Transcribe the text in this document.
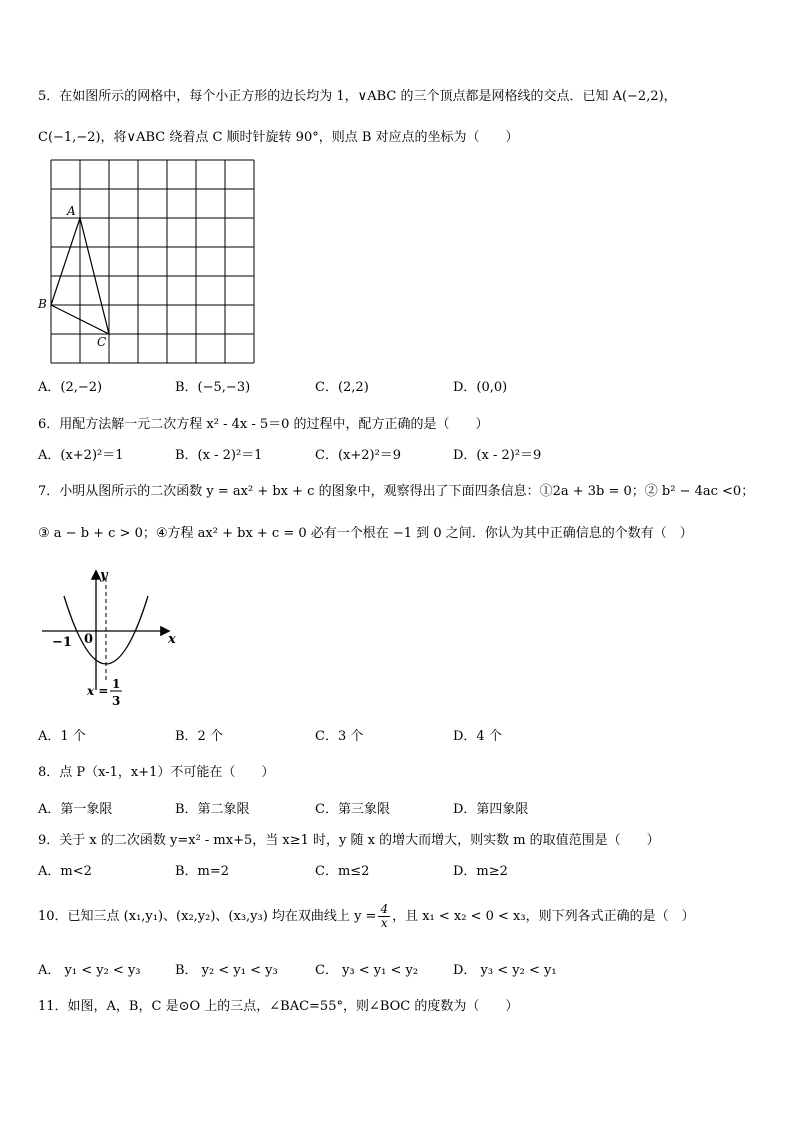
5．在如图所示的网格中，每个小正方形的边长均为 1，∨ABC 的三个顶点都是网格线的交点．已知 A(−2,2)，
C(−1,−2)，将∨ABC 绕着点 C 顺时针旋转 90°，则点 B 对应点的坐标为（　　）
A
B
C
A．(2,−2)	B．(−5,−3)	C．(2,2)	D．(0,0)
6．用配方法解一元二次方程 x² - 4x - 5＝0 的过程中，配方正确的是（　　）
A．(x+2)²＝1	B．(x - 2)²＝1	C．(x+2)²＝9	D．(x - 2)²＝9
7．小明从图所示的二次函数 y = ax² + bx + c 的图象中，观察得出了下面四条信息：①2a + 3b = 0；② b² − 4ac <0；
③ a − b + c > 0；④方程 ax² + bx + c = 0 必有一个根在 −1 到 0 之间．你认为其中正确信息的个数有（　）
y
x
−1 0
x = 1
3
A．1 个	B．2 个	C．3 个	D．4 个
8．点 P（x-1，x+1）不可能在（　　）
A．第一象限	B．第二象限	C．第三象限	D．第四象限
9．关于 x 的二次函数 y=x² - mx+5，当 x≥1 时，y 随 x 的增大而增大，则实数 m 的取值范围是（　　）
A．m<2	B．m=2	C．m≤2	D．m≥2
10．已知三点 (x₁,y₁)、(x₂,y₂)、(x₃,y₃) 均在双曲线上 $y = \frac{4}{x}$ ，且 x₁ < x₂ < 0 < x₃，则下列各式正确的是（　）
A． y₁ < y₂ < y₃	B． y₂ < y₁ < y₃	C． y₃ < y₁ < y₂	D． y₃ < y₂ < y₁
11．如图，A，B，C 是⊙O 上的三点，∠BAC=55°，则∠BOC 的度数为（　　）
